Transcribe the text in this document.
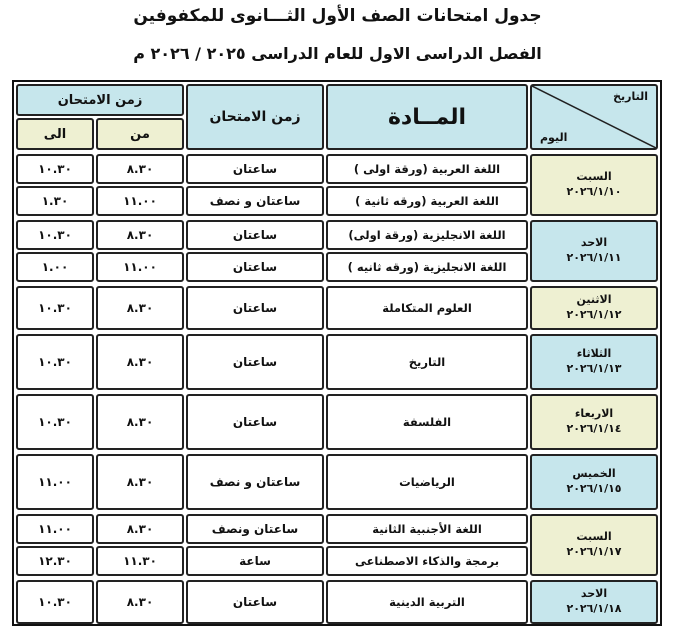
جدول امتحانات الصف الأول الثـــانوى للمكفوفين
الفصل الدراسى الاول للعام الدراسى ٢٠٢٥ / ٢٠٢٦ م
التاريخ
اليوم
المــادة
زمن الامتحان
زمن الامتحان
من
الى
السبت
٢٠٢٦/١/١٠
اللغة العربية (ورقة اولى )
ساعتان
٨.٣٠
١٠.٣٠
اللغة العربية (ورقه ثانية )
ساعتان و نصف
١١.٠٠
١.٣٠
الاحد
٢٠٢٦/١/١١
اللغة الانجليزية (ورقة اولى)
ساعتان
٨.٣٠
١٠.٣٠
اللغة الانجليزية (ورقه ثانيه )
ساعتان
١١.٠٠
١.٠٠
الاثنين
٢٠٢٦/١/١٢
العلوم المتكاملة
ساعتان
٨.٣٠
١٠.٣٠
الثلاثاء
٢٠٢٦/١/١٣
التاريخ
ساعتان
٨.٣٠
١٠.٣٠
الاربعاء
٢٠٢٦/١/١٤
الفلسفة
ساعتان
٨.٣٠
١٠.٣٠
الخميس
٢٠٢٦/١/١٥
الرياضيات
ساعتان و نصف
٨.٣٠
١١.٠٠
السبت
٢٠٢٦/١/١٧
اللغة الأجنبية الثانية
ساعتان ونصف
٨.٣٠
١١.٠٠
برمجة والذكاء الاصطناعى
ساعة
١١.٣٠
١٢.٣٠
الاحد
٢٠٢٦/١/١٨
التربية الدينية
ساعتان
٨.٣٠
١٠.٣٠
